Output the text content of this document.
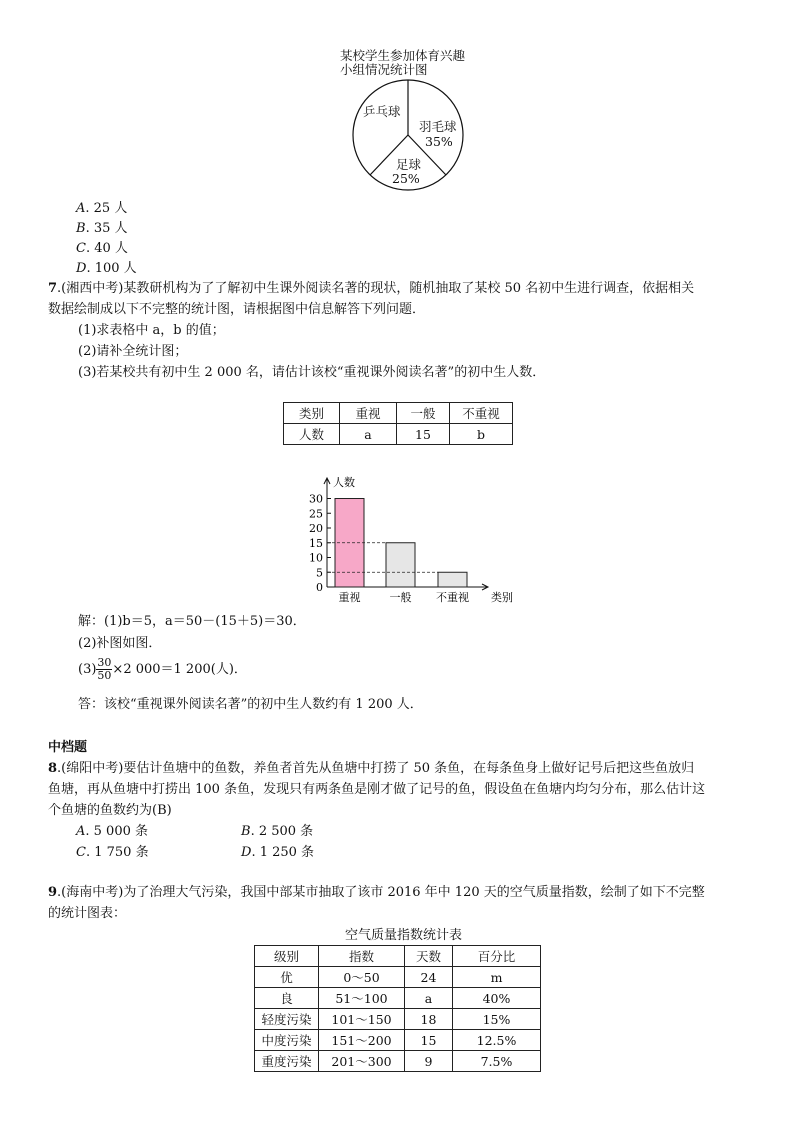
某校学生参加体育兴趣
小组情况统计图
乒乓球
羽毛球
35%
足球
25%
A. 25 人
B. 35 人
C. 40 人
D. 100 人
7.(湘西中考)某教研机构为了了解初中生课外阅读名著的现状，随机抽取了某校 50 名初中生进行调查，依据相关
数据绘制成以下不完整的统计图，请根据图中信息解答下列问题．
(1)求表格中 a，b 的值；
(2)请补全统计图；
(3)若某校共有初中生 2 000 名，请估计该校“重视课外阅读名著”的初中生人数．
类别	重视	一般	不重视
人数	a	15	b
0
5
10
15
20
25
30
人数
类别
重视	一般 不重视
解：(1)b＝5，a＝50－(15＋5)＝30．
(2)补图如图．
$(3) \frac{30}{50} \times 2$ 000＝1 200(人)．
答：该校“重视课外阅读名著”的初中生人数约有 1 200 人．
中档题
8.(绵阳中考)要估计鱼塘中的鱼数，养鱼者首先从鱼塘中打捞了 50 条鱼，在每条鱼身上做好记号后把这些鱼放归
鱼塘，再从鱼塘中打捞出 100 条鱼，发现只有两条鱼是刚才做了记号的鱼，假设鱼在鱼塘内均匀分布，那么估计这
个鱼塘的鱼数约为(B)
A. 5 000 条	B. 2 500 条
C. 1 750 条	D. 1 250 条
9.(海南中考)为了治理大气污染，我国中部某市抽取了该市 2016 年中 120 天的空气质量指数，绘制了如下不完整
的统计图表：
空气质量指数统计表
级别	指数	天数	百分比
优	0～50	24	m
良	51～100	a	40%
轻度污染	101～150	18	15%
中度污染	151～200	15	12.5%
重度污染	201～300	9	7.5%
